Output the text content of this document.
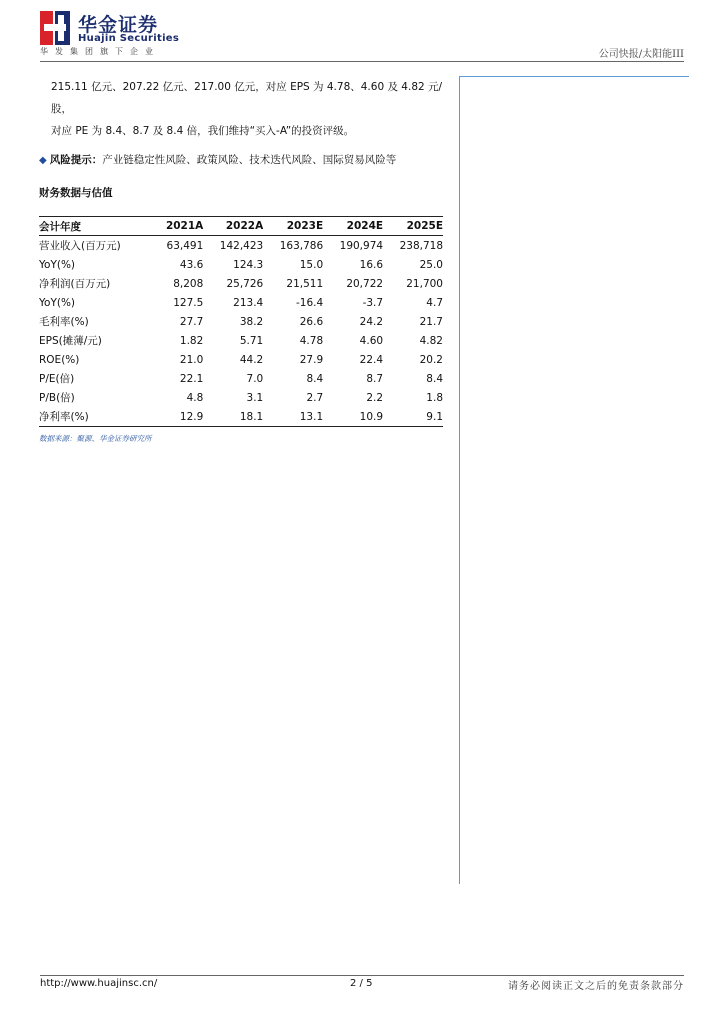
华金证券
Huajin Securities
华发集团旗下企业	公司快报/太阳能III

215.11 亿元、207.22 亿元、217.00 亿元，对应 EPS 为 4.78、4.60 及 4.82 元/股，

对应 PE 为 8.4、8.7 及 8.4 倍，我们维持“买入-A”的投资评级。

◆ 风险提示：产业链稳定性风险、政策风险、技术迭代风险、国际贸易风险等
财务数据与估值
会计年度	2021A	2022A	2023E	2024E	2025E
营业收入(百万元)	63,491	142,423	163,786	190,974	238,718
YoY(%)	43.6	124.3	15.0	16.6	25.0
净利润(百万元)	8,208	25,726	21,511	20,722	21,700
YoY(%)	127.5	213.4	-16.4	-3.7	4.7
毛利率(%)	27.7	38.2	26.6	24.2	21.7
EPS(摊薄/元)	1.82	5.71	4.78	4.60	4.82
ROE(%)	21.0	44.2	27.9	22.4	20.2
P/E(倍)	22.1	7.0	8.4	8.7	8.4
P/B(倍)	4.8	3.1	2.7	2.2	1.8
净利率(%)	12.9	18.1	13.1	10.9	9.1
数据来源：聚源、华金证券研究所
http://www.huajinsc.cn/	2 / 5	请务必阅读正文之后的免责条款部分
